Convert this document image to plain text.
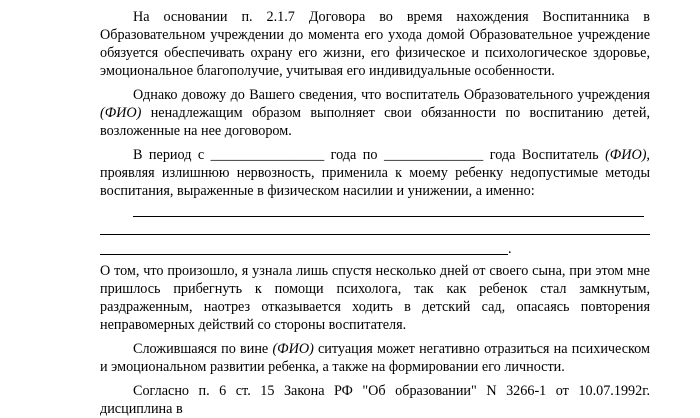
На основании п. 2.1.7 Договора во время нахождения Воспитанника в Образовательном учреждении до момента его ухода домой Образовательное учреждение обязуется обеспечивать охрану его жизни, его физическое и психологическое здоровье, эмоциональное благополучие, учитывая его индивидуальные особенности.

Однако довожу до Вашего сведения, что воспитатель Образовательного учреждения (ФИО) ненадлежащим образом выполняет свои обязанности по воспитанию детей, возложенные на нее договором.

В период с ________________ года по ______________ года Воспитатель (ФИО), проявляя излишнюю нервозность, применила к моему ребенку недопустимые методы воспитания, выраженные в физическом насилии и унижении, а именно:

.

О том, что произошло, я узнала лишь спустя несколько дней от своего сына, при этом мне пришлось прибегнуть к помощи психолога, так как ребенок стал замкнутым, раздраженным, наотрез отказывается ходить в детский сад, опасаясь повторения неправомерных действий со стороны воспитателя.

Сложившаяся по вине (ФИО) ситуация может негативно отразиться на психическом и эмоциональном развитии ребенка, а также на формировании его личности.

Согласно п. 6 ст. 15 Закона РФ "Об образовании" N 3266-1 от 10.07.1992г. дисциплина в
